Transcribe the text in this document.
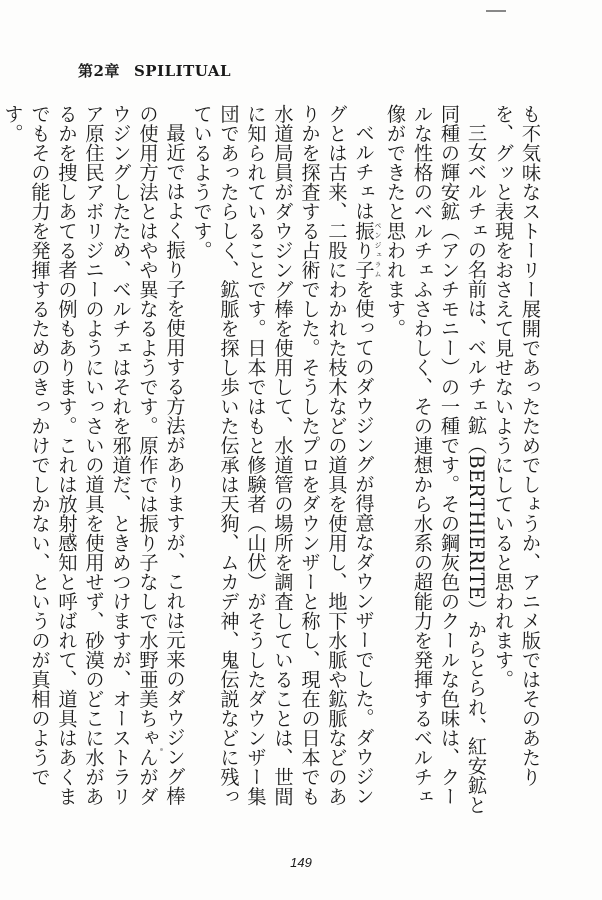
第2章 SPILITUAL

も不気味なストーリー展開であったためでしょうか、アニメ版ではそのあたりを、グッと表現をおさえて見せないようにしていると思われます。

三女ベルチェの名前は、ベルチェ鉱（BERTHIERITE）からとられ、紅安鉱と同種の輝安鉱（アンチモニー）の一種です。その鋼灰色のクールな色味は、クールな性格のベルチェふさわしく、その連想から水系の超能力を発揮するベルチェ像ができたと思われます。

ベルチェは振り子ペンジュラムを使ってのダウジングが得意なダウンザーでした。ダウジングとは古来、二股にわかれた枝木などの道具を使用し、地下水脈や鉱脈などのありかを探査する占術でした。そうしたプロをダウンザーと称し、現在の日本でも水道局員がダウジング棒を使用して、水道管の場所を調査していることは、世間に知られていることです。日本ではもと修験者（山伏）がそうしたダウンザー集団であったらしく、鉱脈を探し歩いた伝承は天狗、ムカデ神、鬼伝説などに残っているようです。

最近ではよく振り子を使用する方法がありますが、これは元来のダウジング棒の使用方法とはやや異なるようです。原作では振り子なしで水野亜美ちゃんがダウジングしたため、ベルチェはそれを邪道だ、ときめつけますが、オーストラリア原住民アボリジニーのようにいっさいの道具を使用せず、砂漠のどこに水があるかを捜しあてる者の例もあります。これは放射感知と呼ばれて、道具はあくまでもその能力を発揮するためのきっかけでしかない、というのが真相のようです。

149
